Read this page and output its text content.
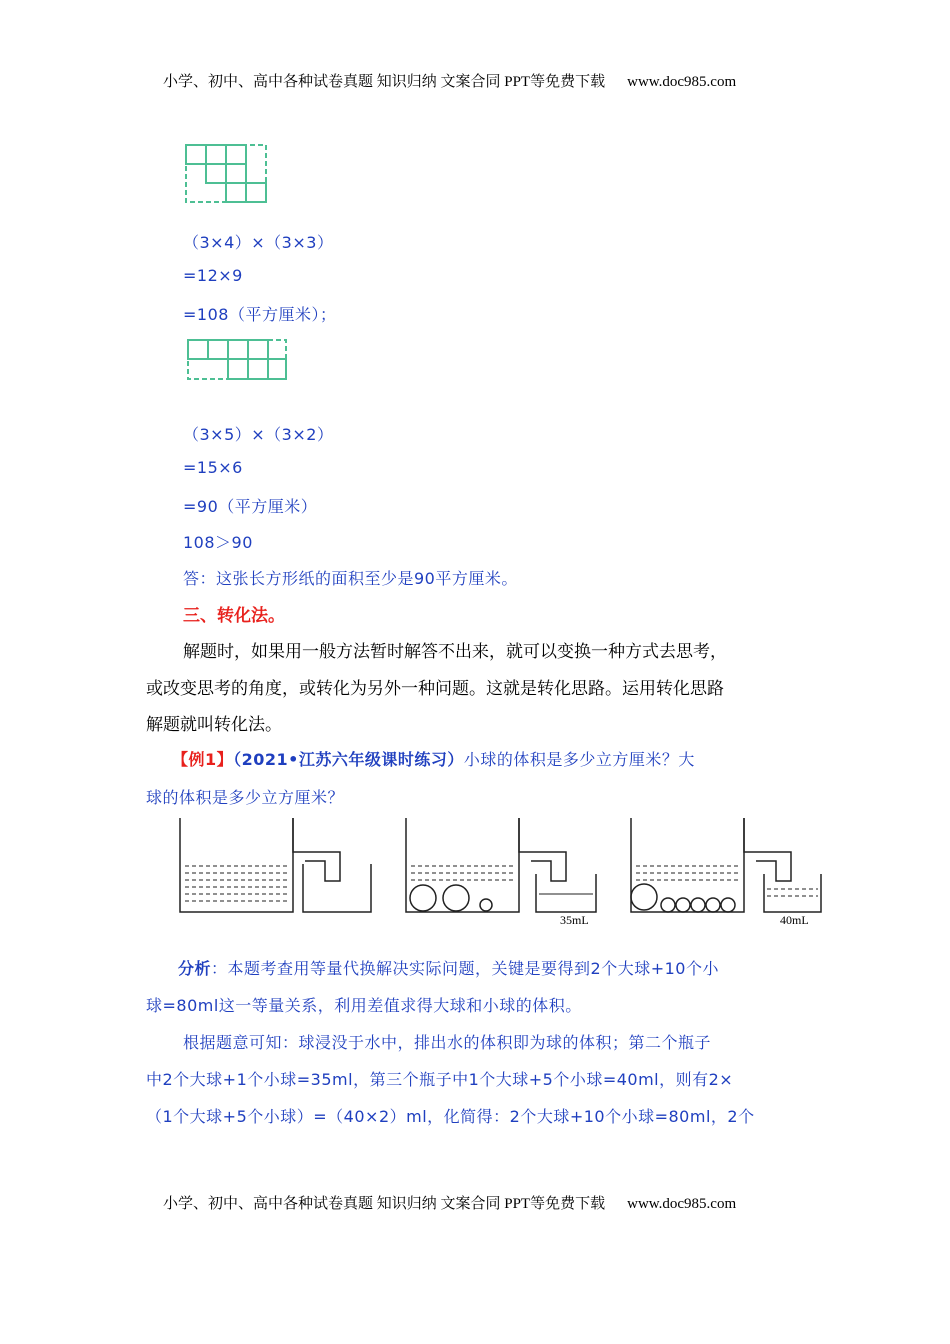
小学、初中、高中各种试卷真题 知识归纳 文案合同 PPT等免费下载 www.doc985.com
（3×4）×（3×3）
=12×9
=108（平方厘米）；
（3×5）×（3×2）
=15×6
=90（平方厘米）
108＞90
答：这张长方形纸的面积至少是90平方厘米。
三、转化法。
解题时，如果用一般方法暂时解答不出来，就可以变换一种方式去思考，
或改变思考的角度，或转化为另外一种问题。这就是转化思路。运用转化思路
解题就叫转化法。
【例1】（2021•江苏六年级课时练习）小球的体积是多少立方厘米？大
球的体积是多少立方厘米？
35mL	40mL
分析：本题考查用等量代换解决实际问题，关键是要得到2个大球+10个小
球=80ml这一等量关系，利用差值求得大球和小球的体积。
根据题意可知：球浸没于水中，排出水的体积即为球的体积；第二个瓶子
中2个大球+1个小球=35ml，第三个瓶子中1个大球+5个小球=40ml，则有2×
（1个大球+5个小球）=（40×2）ml，化简得：2个大球+10个小球=80ml，2个
小学、初中、高中各种试卷真题 知识归纳 文案合同 PPT等免费下载 www.doc985.com
